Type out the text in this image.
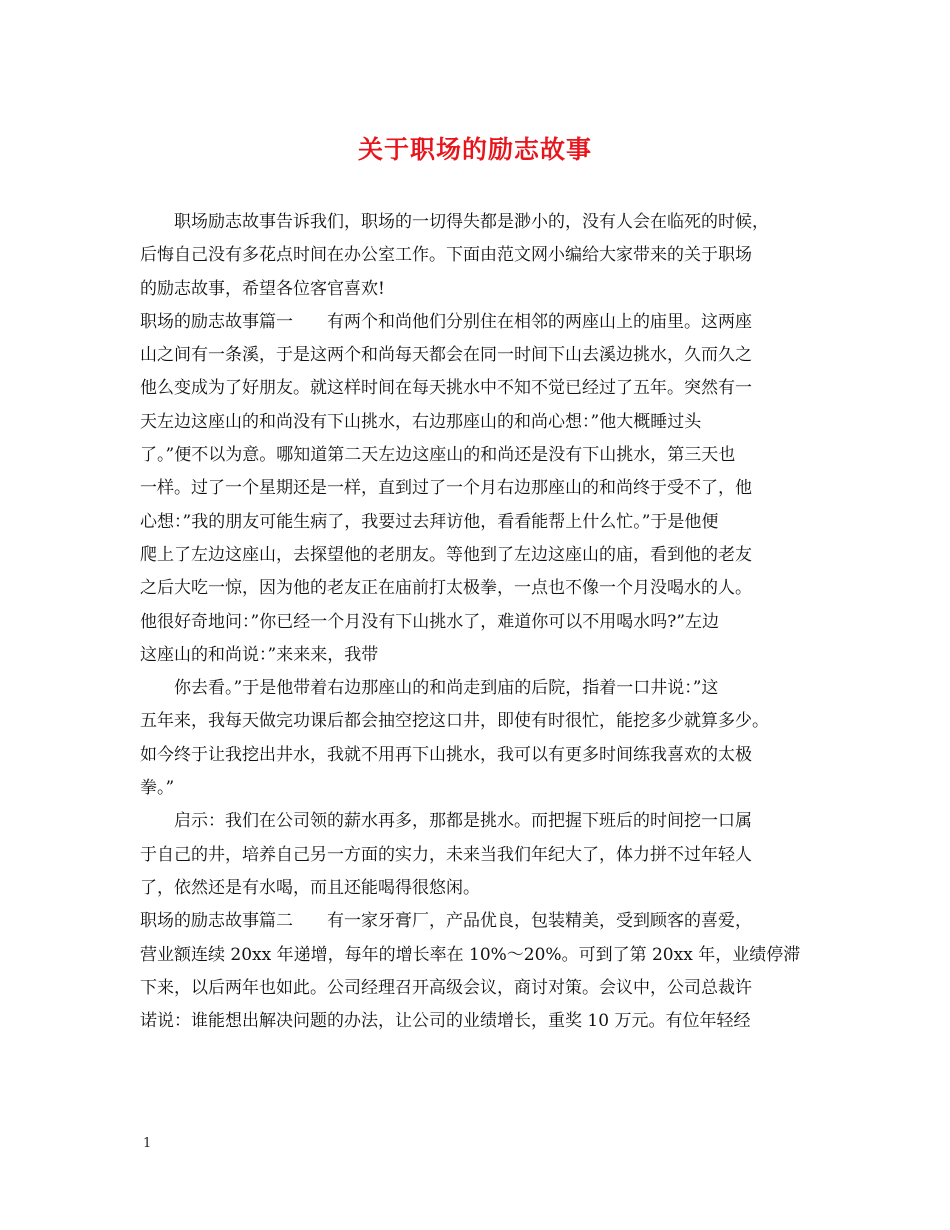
关于职场的励志故事
职场励志故事告诉我们，职场的一切得失都是渺小的，没有人会在临死的时候，
后悔自己没有多花点时间在办公室工作。下面由范文网小编给大家带来的关于职场
的励志故事，希望各位客官喜欢!
职场的励志故事篇一　　有两个和尚他们分别住在相邻的两座山上的庙里。这两座
山之间有一条溪，于是这两个和尚每天都会在同一时间下山去溪边挑水，久而久之
他么变成为了好朋友。就这样时间在每天挑水中不知不觉已经过了五年。突然有一
天左边这座山的和尚没有下山挑水，右边那座山的和尚心想：”他大概睡过头
了。”便不以为意。哪知道第二天左边这座山的和尚还是没有下山挑水，第三天也
一样。过了一个星期还是一样，直到过了一个月右边那座山的和尚终于受不了，他
心想：”我的朋友可能生病了，我要过去拜访他，看看能帮上什么忙。”于是他便
爬上了左边这座山，去探望他的老朋友。等他到了左边这座山的庙，看到他的老友
之后大吃一惊，因为他的老友正在庙前打太极拳，一点也不像一个月没喝水的人。
他很好奇地问：”你已经一个月没有下山挑水了，难道你可以不用喝水吗?”左边
这座山的和尚说：”来来来，我带
你去看。”于是他带着右边那座山的和尚走到庙的后院，指着一口井说：”这
五年来，我每天做完功课后都会抽空挖这口井，即使有时很忙，能挖多少就算多少。
如今终于让我挖出井水，我就不用再下山挑水，我可以有更多时间练我喜欢的太极
拳。”
启示：我们在公司领的薪水再多，那都是挑水。而把握下班后的时间挖一口属
于自己的井，培养自己另一方面的实力，未来当我们年纪大了，体力拼不过年轻人
了，依然还是有水喝，而且还能喝得很悠闲。
职场的励志故事篇二　　有一家牙膏厂，产品优良，包装精美，受到顾客的喜爱，
营业额连续 20xx 年递增，每年的增长率在 10%～20%。可到了第 20xx 年，业绩停滞
下来，以后两年也如此。公司经理召开高级会议，商讨对策。会议中，公司总裁许
诺说：谁能想出解决问题的办法，让公司的业绩增长，重奖 10 万元。有位年轻经
1
